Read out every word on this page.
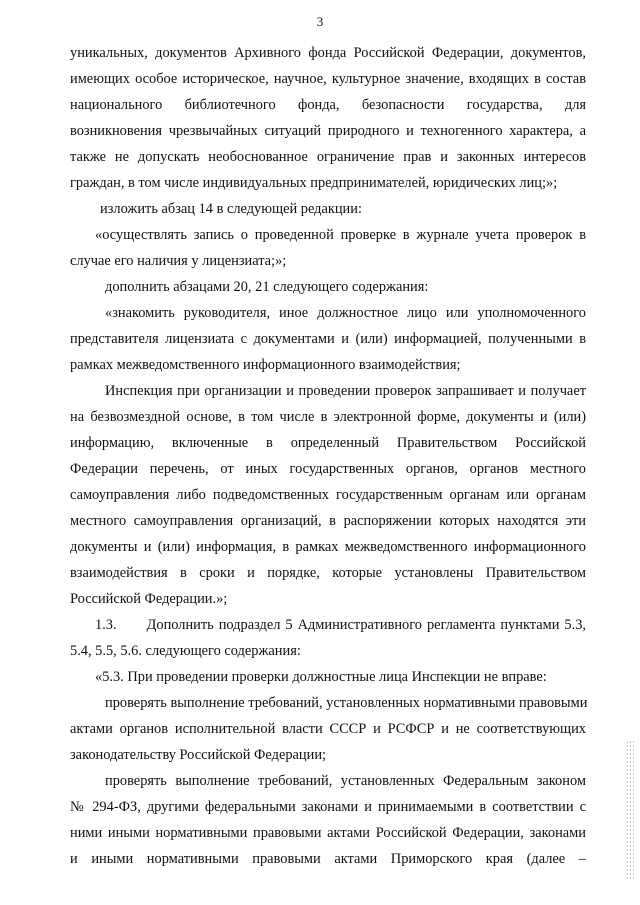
3
уникальных, документов Архивного фонда Российской Федерации, документов,
имеющих особое историческое, научное, культурное значение, входящих в состав
национального библиотечного фонда, безопасности государства, для
возникновения чрезвычайных ситуаций природного и техногенного характера, а
также не допускать необоснованное ограничение прав и законных интересов
граждан, в том числе индивидуальных предпринимателей, юридических лиц;»;
изложить абзац 14 в следующей редакции:
«осуществлять запись о проведенной проверке в журнале учета проверок в
случае его наличия у лицензиата;»;
дополнить абзацами 20, 21 следующего содержания:
«знакомить руководителя, иное должностное лицо или уполномоченного
представителя лицензиата с документами и (или) информацией, полученными в
рамках межведомственного информационного взаимодействия;
Инспекция при организации и проведении проверок запрашивает и получает
на безвозмездной основе, в том числе в электронной форме, документы и (или)
информацию, включенные в определенный Правительством Российской
Федерации перечень, от иных государственных органов, органов местного
самоуправления либо подведомственных государственным органам или органам
местного самоуправления организаций, в распоряжении которых находятся эти
документы и (или) информация, в рамках межведомственного информационного
взаимодействия в сроки и порядке, которые установлены Правительством
Российской Федерации.»;
1.3.      Дополнить подраздел 5 Административного регламента пунктами 5.3,
5.4, 5.5, 5.6. следующего содержания:
«5.3. При проведении проверки должностные лица Инспекции не вправе:
проверять выполнение требований, установленных нормативными правовыми
актами органов исполнительной власти СССР и РСФСР и не соответствующих
законодательству Российской Федерации;
проверять выполнение требований, установленных Федеральным законом
№ 294-ФЗ, другими федеральными законами и принимаемыми в соответствии с
ними иными нормативными правовыми актами Российской Федерации, законами
и иными нормативными правовыми актами Приморского края (далее –
